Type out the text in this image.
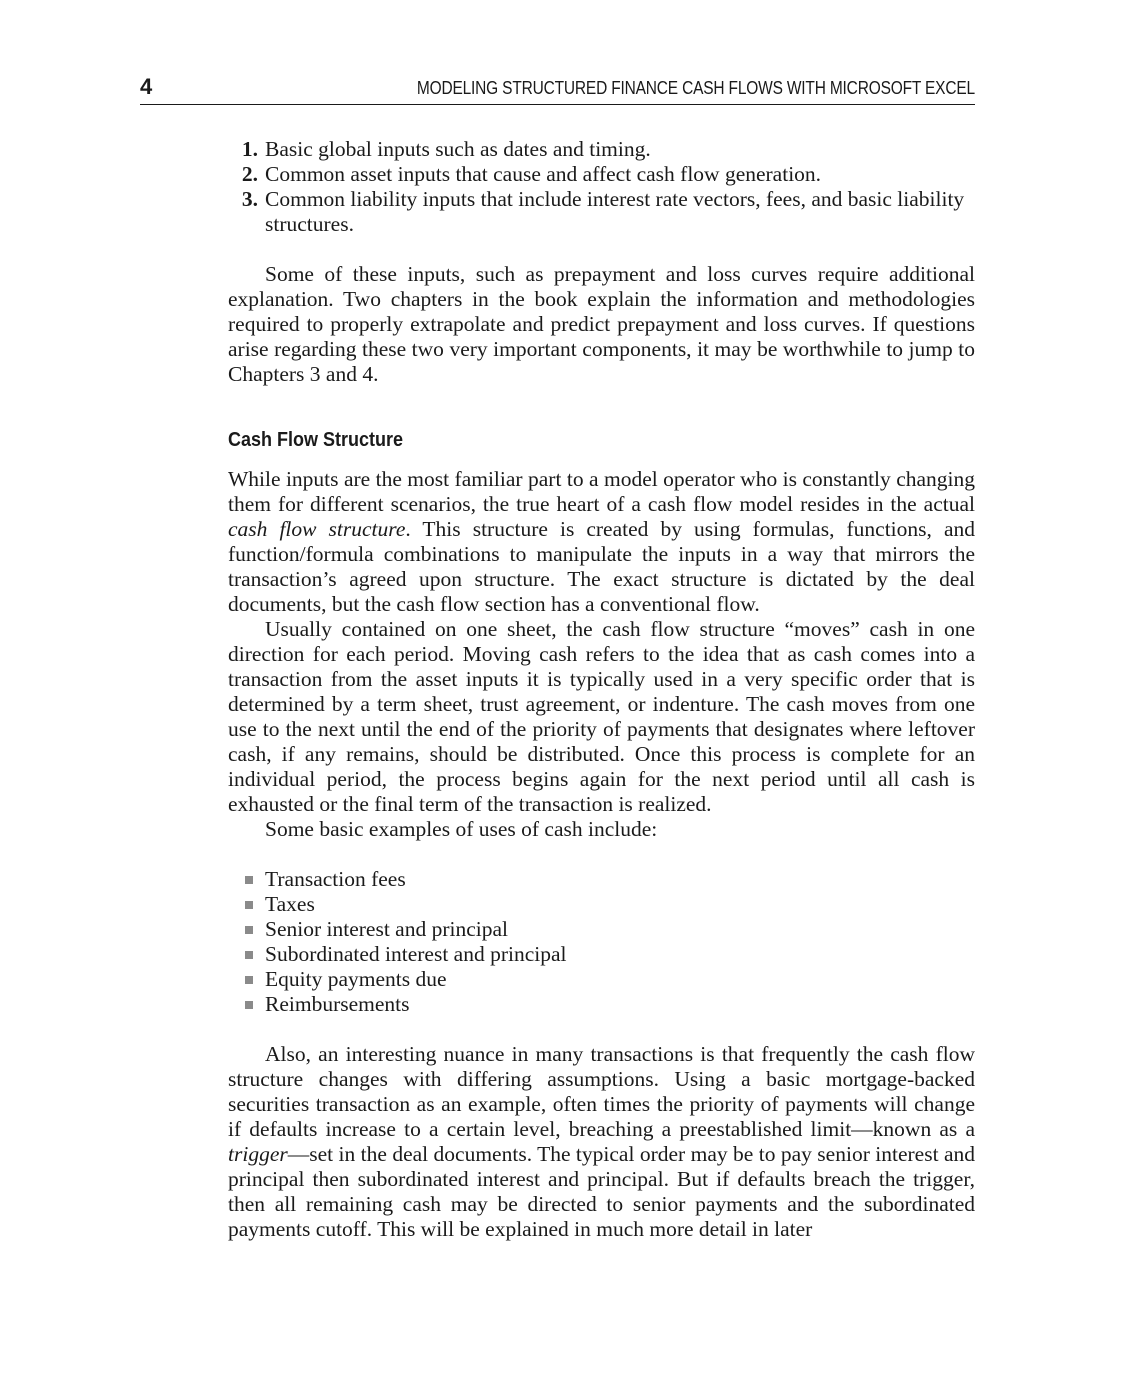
4	MODELING STRUCTURED FINANCE CASH FLOWS WITH MICROSOFT EXCEL
1. Basic global inputs such as dates and timing.
2. Common asset inputs that cause and affect cash flow generation.
3. Common liability inputs that include interest rate vectors, fees, and basic liability structures.

Some of these inputs, such as prepayment and loss curves require additional explanation. Two chapters in the book explain the information and methodologies required to properly extrapolate and predict prepayment and loss curves. If questions arise regarding these two very important components, it may be worthwhile to jump to Chapters 3 and 4.

Cash Flow Structure

While inputs are the most familiar part to a model operator who is constantly changing them for different scenarios, the true heart of a cash flow model resides in the actual cash flow structure. This structure is created by using formulas, functions, and function/formula combinations to manipulate the inputs in a way that mirrors the transaction’s agreed upon structure. The exact structure is dictated by the deal documents, but the cash flow section has a conventional flow.

Usually contained on one sheet, the cash flow structure “moves” cash in one direction for each period. Moving cash refers to the idea that as cash comes into a transaction from the asset inputs it is typically used in a very specific order that is determined by a term sheet, trust agreement, or indenture. The cash moves from one use to the next until the end of the priority of payments that designates where leftover cash, if any remains, should be distributed. Once this process is complete for an individual period, the process begins again for the next period until all cash is exhausted or the final term of the transaction is realized.

Some basic examples of uses of cash include:

Transaction fees
Taxes
Senior interest and principal
Subordinated interest and principal
Equity payments due
Reimbursements

Also, an interesting nuance in many transactions is that frequently the cash flow structure changes with differing assumptions. Using a basic mortgage-backed securities transaction as an example, often times the priority of payments will change if defaults increase to a certain level, breaching a preestablished limit—known as a trigger—set in the deal documents. The typical order may be to pay senior interest and principal then subordinated interest and principal. But if defaults breach the trigger, then all remaining cash may be directed to senior payments and the subordinated payments cutoff. This will be explained in much more detail in later
